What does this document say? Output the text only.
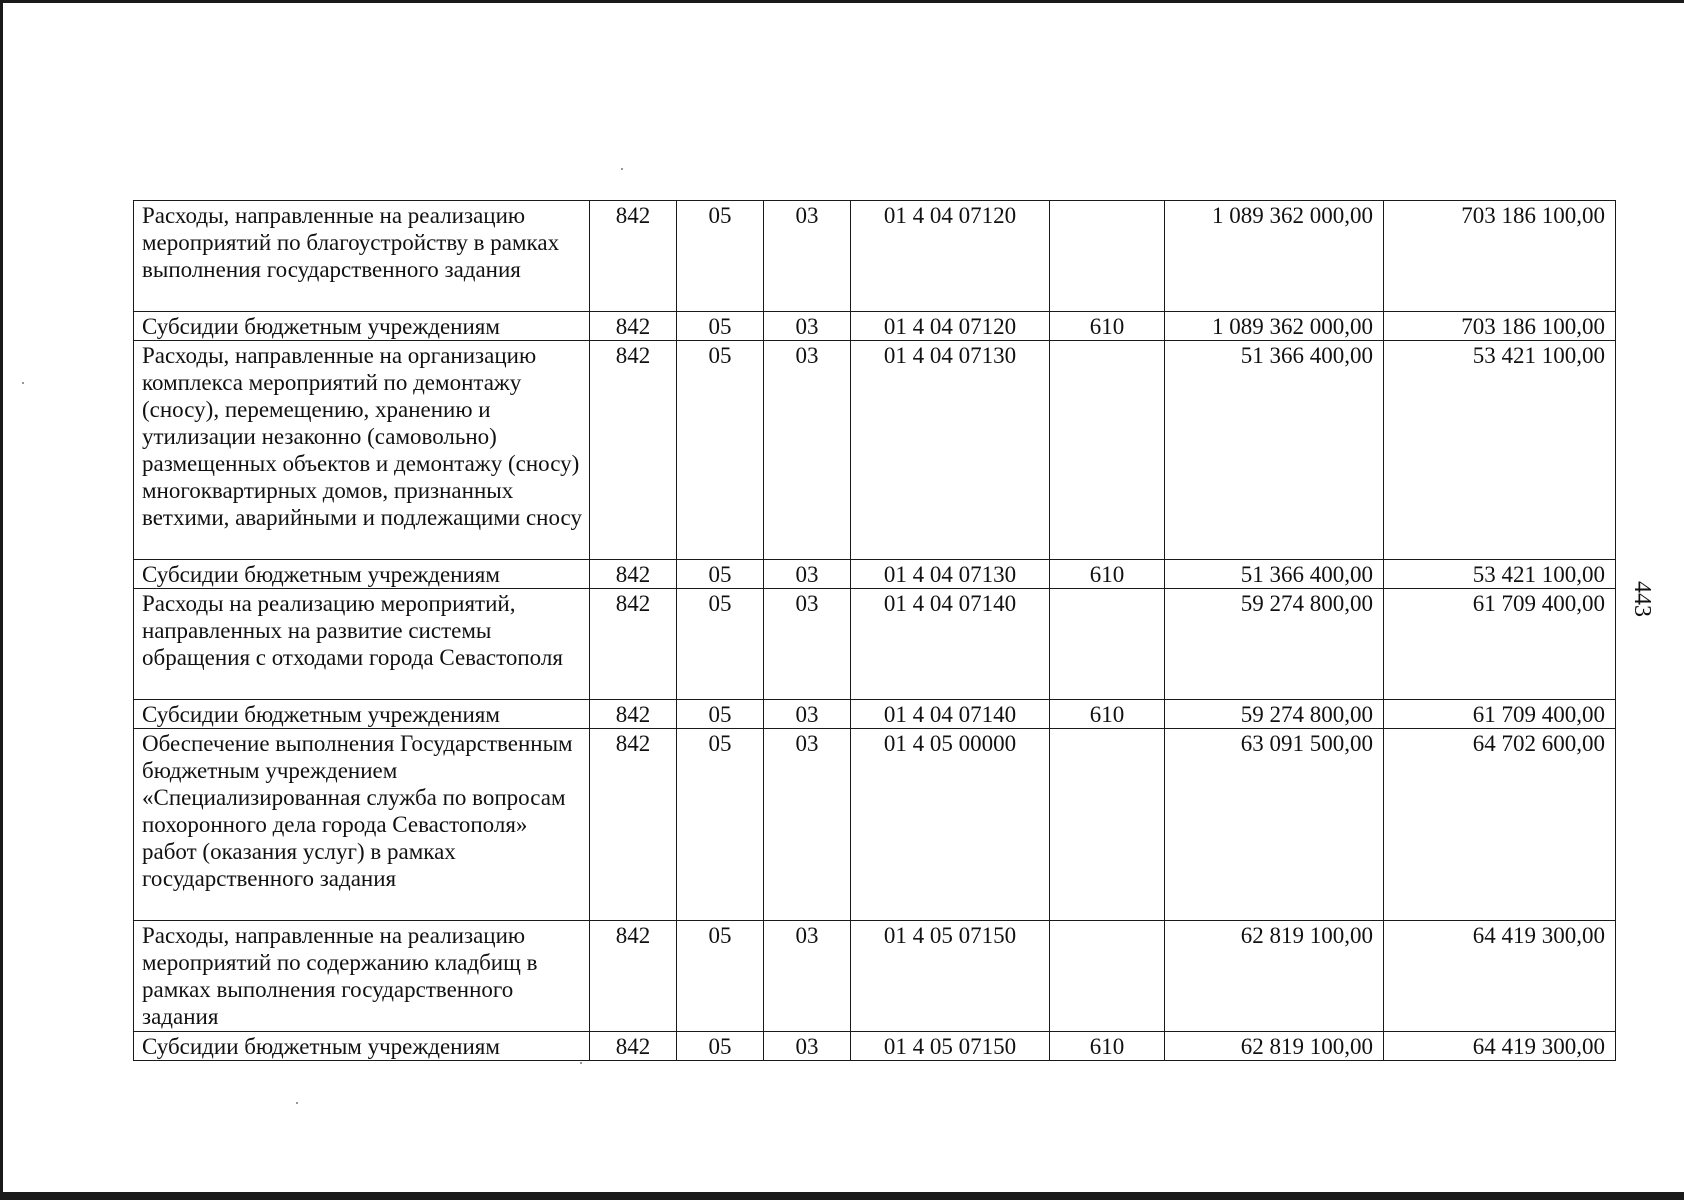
Расходы, направленные на реализацию мероприятий по благоустройству в рамках выполнения государственного задания	842	05	03	01 4 04 07120		1 089 362 000,00	703 186 100,00
Субсидии бюджетным учреждениям	842	05	03	01 4 04 07120	610	1 089 362 000,00	703 186 100,00
Расходы, направленные на организацию комплекса мероприятий по демонтажу (сносу), перемещению, хранению и утилизации незаконно (самовольно) размещенных объектов и демонтажу (сносу) многоквартирных домов, признанных ветхими, аварийными и подлежащими сносу	842	05	03	01 4 04 07130		51 366 400,00	53 421 100,00
Субсидии бюджетным учреждениям	842	05	03	01 4 04 07130	610	51 366 400,00	53 421 100,00
Расходы на реализацию мероприятий, направленных на развитие системы обращения с отходами города Севастополя	842	05	03	01 4 04 07140		59 274 800,00	61 709 400,00
Субсидии бюджетным учреждениям	842	05	03	01 4 04 07140	610	59 274 800,00	61 709 400,00
Обеспечение выполнения Государственным бюджетным учреждением «Специализированная служба по вопросам похоронного дела города Севастополя» работ (оказания услуг) в рамках государственного задания	842	05	03	01 4 05 00000		63 091 500,00	64 702 600,00
Расходы, направленные на реализацию мероприятий по содержанию кладбищ в рамках выполнения государственного задания	842	05	03	01 4 05 07150		62 819 100,00	64 419 300,00
Субсидии бюджетным учреждениям	842	05	03	01 4 05 07150	610	62 819 100,00	64 419 300,00
443
